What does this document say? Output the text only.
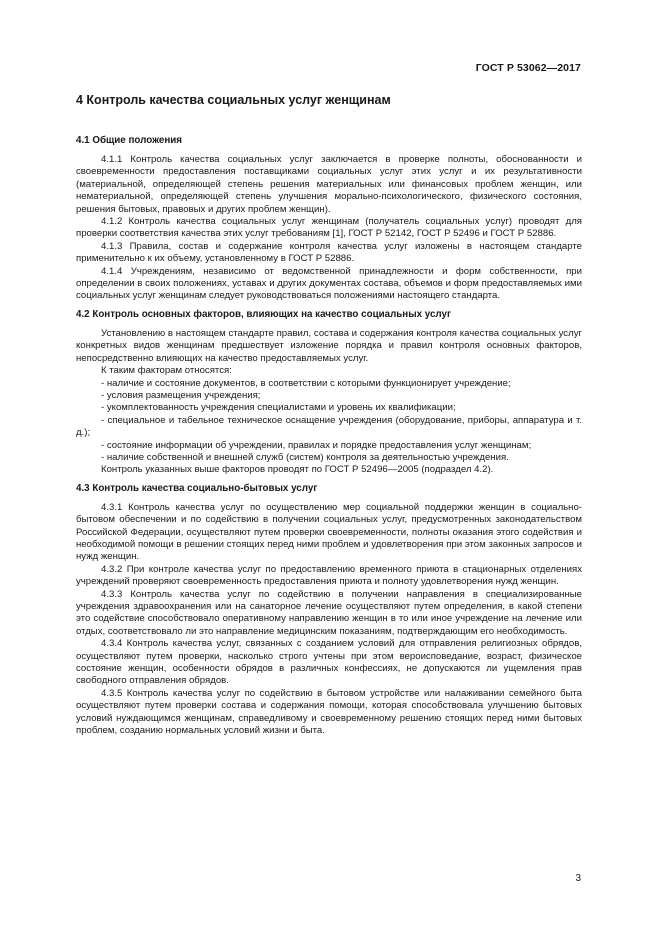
ГОСТ Р 53062—2017
4 Контроль качества социальных услуг женщинам
4.1 Общие положения

4.1.1 Контроль качества социальных услуг заключается в проверке полноты, обоснованности и своевременности предоставления поставщиками социальных услуг этих услуг и их результативности (материальной, определяющей степень решения материальных или финансовых проблем женщин, или нематериальной, определяющей степень улучшения морально-психологического, физического состояния, решения бытовых, правовых и других проблем женщин).

4.1.2 Контроль качества социальных услуг женщинам (получатель социальных услуг) проводят для проверки соответствия качества этих услуг требованиям [1], ГОСТ Р 52142, ГОСТ Р 52496 и ГОСТ Р 52886.

4.1.3 Правила, состав и содержание контроля качества услуг изложены в настоящем стандарте применительно к их объему, установленному в ГОСТ Р 52886.

4.1.4 Учреждениям, независимо от ведомственной принадлежности и форм собственности, при определении в своих положениях, уставах и других документах состава, объемов и форм предоставляемых ими социальных услуг женщинам следует руководствоваться положениями настоящего стандарта.

4.2 Контроль основных факторов, влияющих на качество социальных услуг

Установлению в настоящем стандарте правил, состава и содержания контроля качества социальных услуг конкретных видов женщинам предшествует изложение порядка и правил контроля основных факторов, непосредственно влияющих на качество предоставляемых услуг.

К таким факторам относятся:

- наличие и состояние документов, в соответствии с которыми функционирует учреждение;

- условия размещения учреждения;

- укомплектованность учреждения специалистами и уровень их квалификации;

- специальное и табельное техническое оснащение учреждения (оборудование, приборы, аппаратура и т. д.);

- состояние информации об учреждении, правилах и порядке предоставления услуг женщинам;

- наличие собственной и внешней служб (систем) контроля за деятельностью учреждения.

Контроль указанных выше факторов проводят по ГОСТ Р 52496—2005 (подраздел 4.2).

4.3 Контроль качества социально-бытовых услуг

4.3.1 Контроль качества услуг по осуществлению мер социальной поддержки женщин в социально-бытовом обеспечении и по содействию в получении социальных услуг, предусмотренных законодательством Российской Федерации, осуществляют путем проверки своевременности, полноты оказания этого содействия и необходимой помощи в решении стоящих перед ними проблем и удовлетворения при этом законных запросов и нужд женщин.

4.3.2 При контроле качества услуг по предоставлению временного приюта в стационарных отделениях учреждений проверяют своевременность предоставления приюта и полноту удовлетворения нужд женщин.

4.3.3 Контроль качества услуг по содействию в получении направления в специализированные учреждения здравоохранения или на санаторное лечение осуществляют путем определения, в какой степени это содействие способствовало оперативному направлению женщин в то или иное учреждение на лечение или отдых, соответствовало ли это направление медицинским показаниям, подтверждающим его необходимость.

4.3.4 Контроль качества услуг, связанных с созданием условий для отправления религиозных обрядов, осуществляют путем проверки, насколько строго учтены при этом вероисповедание, возраст, физическое состояние женщин, особенности обрядов в различных конфессиях, не допускаются ли ущемления прав свободного отправления обрядов.

4.3.5 Контроль качества услуг по содействию в бытовом устройстве или налаживании семейного быта осуществляют путем проверки состава и содержания помощи, которая способствовала улучшению бытовых условий нуждающимся женщинам, справедливому и своевременному решению стоящих перед ними бытовых проблем, созданию нормальных условий жизни и быта.

3
